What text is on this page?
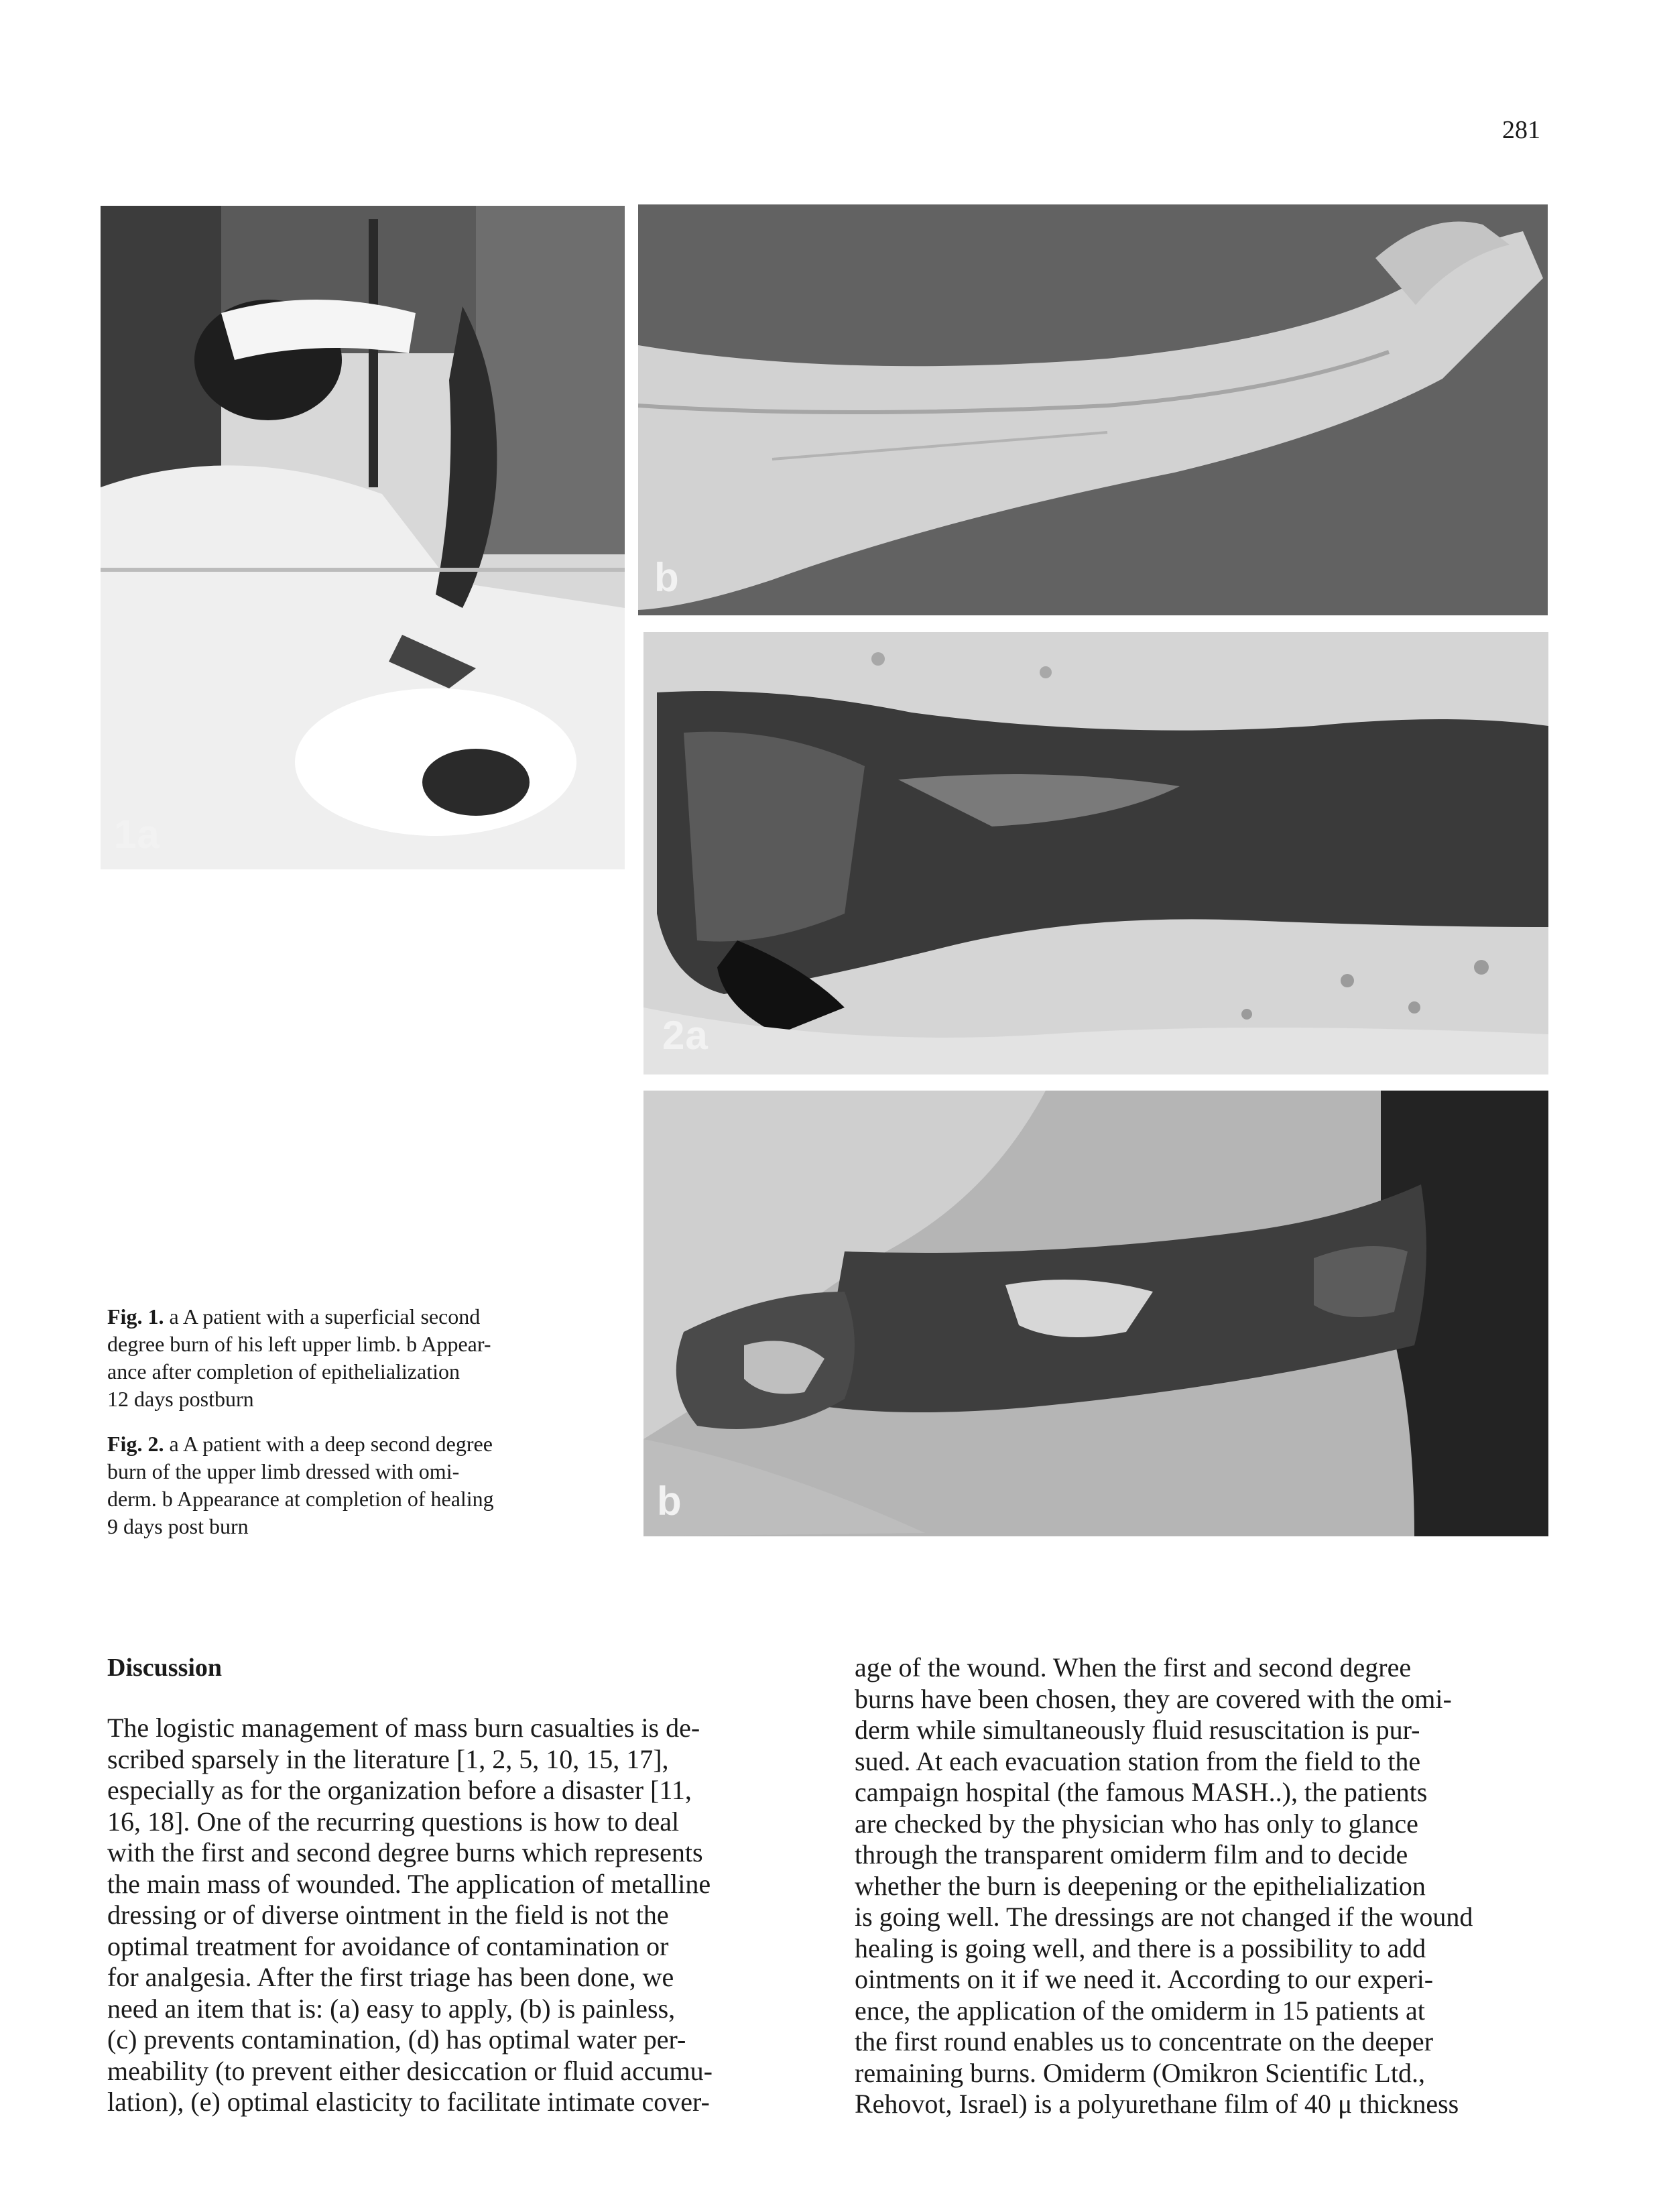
281
1a
b
2a
b

Fig. 1. a A patient with a superficial second
degree burn of his left upper limb. b Appear-
ance after completion of epithelialization
12 days postburn

Fig. 2. a A patient with a deep second degree
burn of the upper limb dressed with omi-
derm. b Appearance at completion of healing
9 days post burn

Discussion
The logistic management of mass burn casualties is de-
scribed sparsely in the literature [1, 2, 5, 10, 15, 17],
especially as for the organization before a disaster [11,
16, 18]. One of the recurring questions is how to deal
with the first and second degree burns which represents
the main mass of wounded. The application of metalline
dressing or of diverse ointment in the field is not the
optimal treatment for avoidance of contamination or
for analgesia. After the first triage has been done, we
need an item that is: (a) easy to apply, (b) is painless,
(c) prevents contamination, (d) has optimal water per-
meability (to prevent either desiccation or fluid accumu-
lation), (e) optimal elasticity to facilitate intimate cover-
age of the wound. When the first and second degree
burns have been chosen, they are covered with the omi-
derm while simultaneously fluid resuscitation is pur-
sued. At each evacuation station from the field to the
campaign hospital (the famous MASH..), the patients
are checked by the physician who has only to glance
through the transparent omiderm film and to decide
whether the burn is deepening or the epithelialization
is going well. The dressings are not changed if the wound
healing is going well, and there is a possibility to add
ointments on it if we need it. According to our experi-
ence, the application of the omiderm in 15 patients at
the first round enables us to concentrate on the deeper
remaining burns. Omiderm (Omikron Scientific Ltd.,
Rehovot, Israel) is a polyurethane film of 40 μ thickness
